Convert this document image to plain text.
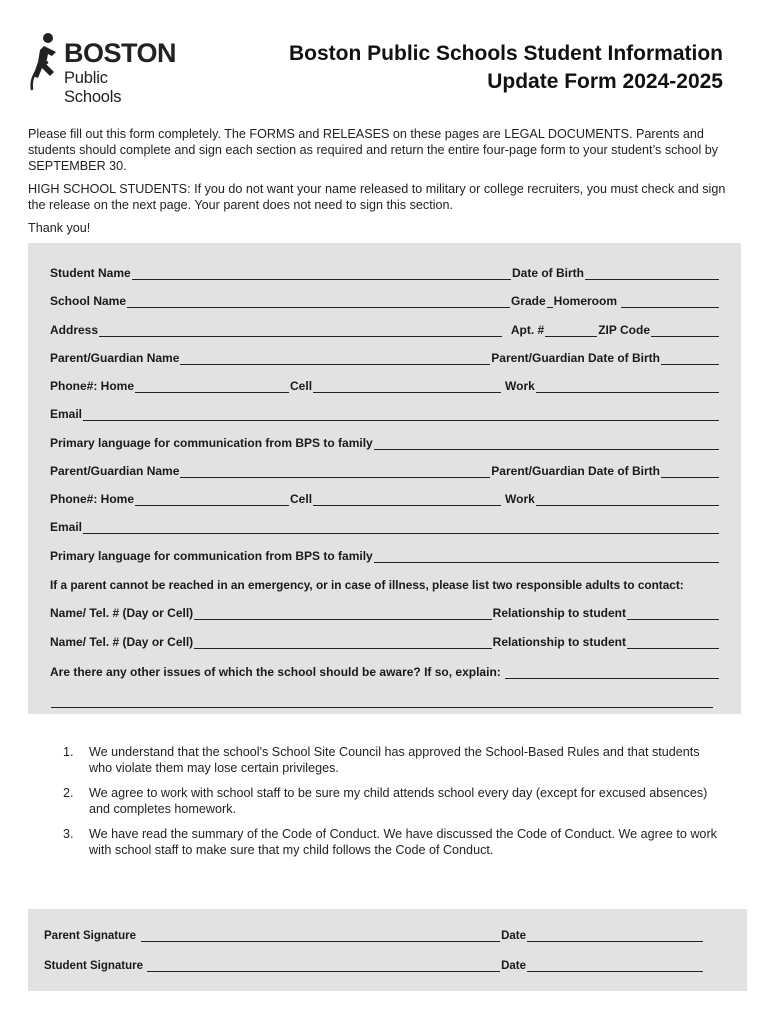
BOSTON
Public Schools
Boston Public Schools Student Information
Update Form 2024-2025

Please fill out this form completely. The FORMS and RELEASES on these pages are LEGAL DOCUMENTS. Parents and students should complete and sign each section as required and return the entire four-page form to your student’s school by SEPTEMBER 30.

HIGH SCHOOL STUDENTS: If you do not want your name released to military or college recruiters, you must check and sign the release on the next page. Your parent does not need to sign this section.

Thank you!

Student Name	Date of Birth
School Name	Grade Homeroom
Address	Apt. #	ZIP Code
Parent/Guardian Name	Parent/Guardian Date of Birth
Phone#: Home	Cell	Work
Email
Primary language for communication from BPS to family
Parent/Guardian Name	Parent/Guardian Date of Birth
Phone#: Home	Cell	Work
Email
Primary language for communication from BPS to family
If a parent cannot be reached in an emergency, or in case of illness, please list two responsible adults to contact:
Name/ Tel. # (Day or Cell)	Relationship to student
Name/ Tel. # (Day or Cell)	Relationship to student
Are there any other issues of which the school should be aware? If so, explain:
1. We understand that the school's School Site Council has approved the School-Based Rules and that students who violate them may lose certain privileges.
2. We agree to work with school staff to be sure my child attends school every day (except for excused absences) and completes homework.
3. We have read the summary of the Code of Conduct. We have discussed the Code of Conduct. We agree to work with school staff to make sure that my child follows the Code of Conduct.
Parent Signature	Date
Student Signature	Date
